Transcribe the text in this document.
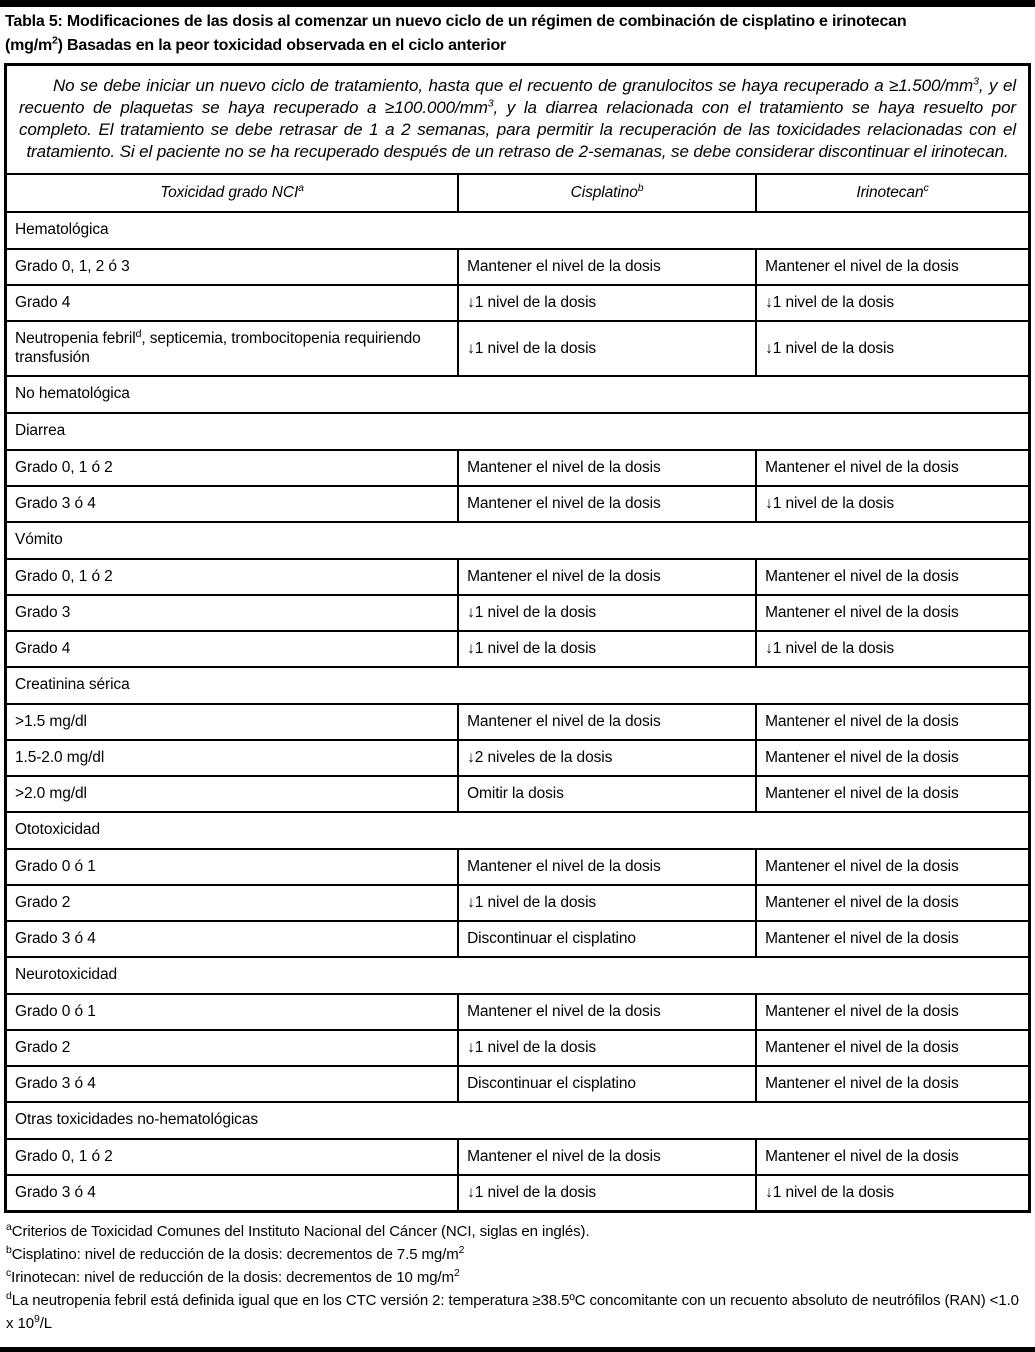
Tabla 5: Modificaciones de las dosis al comenzar un nuevo ciclo de un régimen de combinación de cisplatino e irinotecan
$(mg/m^2)$ Basadas en la peor toxicidad observada en el ciclo anterior
No se debe iniciar un nuevo ciclo de tratamiento, hasta que el recuento de granulocitos se haya recuperado $a \ge 1.500/mm^3$, y el recuento de plaquetas se haya recuperado $a \ge 100.000/mm^3$, y la diarrea relacionada con el tratamiento se haya resuelto por completo. El tratamiento se debe retrasar de 1 a 2 semanas, para permitir la recuperación de las toxicidades relacionadas con el tratamiento. Si el paciente no se ha recuperado después de un retraso de 2-semanas, se debe considerar discontinuar el irinotecan.		
Toxicidad grado NCI$^a$	Cisplatino$^b$	Irinotecan$^c$
Hematológica		
Grado 0, 1, 2 ó 3	Mantener el nivel de la dosis	Mantener el nivel de la dosis
Grado 4	↓1 nivel de la dosis	↓1 nivel de la dosis
Neutropenia febril$^d$, septicemia, trombocitopenia requiriendo transfusión	↓1 nivel de la dosis	↓1 nivel de la dosis
No hematológica		
Diarrea		
Grado 0, 1 ó 2	Mantener el nivel de la dosis	Mantener el nivel de la dosis
Grado 3 ó 4	Mantener el nivel de la dosis	↓1 nivel de la dosis
Vómito		
Grado 0, 1 ó 2	Mantener el nivel de la dosis	Mantener el nivel de la dosis
Grado 3	↓1 nivel de la dosis	Mantener el nivel de la dosis
Grado 4	↓1 nivel de la dosis	↓1 nivel de la dosis
Creatinina sérica		
>1.5 mg/dl	Mantener el nivel de la dosis	Mantener el nivel de la dosis
1.5-2.0 mg/dl	↓2 niveles de la dosis	Mantener el nivel de la dosis
>2.0 mg/dl	Omitir la dosis	Mantener el nivel de la dosis
Ototoxicidad		
Grado 0 ó 1	Mantener el nivel de la dosis	Mantener el nivel de la dosis
Grado 2	↓1 nivel de la dosis	Mantener el nivel de la dosis
Grado 3 ó 4	Discontinuar el cisplatino	Mantener el nivel de la dosis
Neurotoxicidad		
Grado 0 ó 1	Mantener el nivel de la dosis	Mantener el nivel de la dosis
Grado 2	↓1 nivel de la dosis	Mantener el nivel de la dosis
Grado 3 ó 4	Discontinuar el cisplatino	Mantener el nivel de la dosis
Otras toxicidades no-hematológicas		
Grado 0, 1 ó 2	Mantener el nivel de la dosis	Mantener el nivel de la dosis
Grado 3 ó 4	↓1 nivel de la dosis	↓1 nivel de la dosis
$^a$Criterios de Toxicidad Comunes del Instituto Nacional del Cáncer (NCI, siglas en inglés).
$^b$Cisplatino: nivel de reducción de la dosis: decrementos de 7.5 $mg/m^2$
$^c$Irinotecan: nivel de reducción de la dosis: decrementos de 10 $mg/m^2$
$^d$La neutropenia febril está definida igual que en los CTC versión 2: temperatura ≥38.5ºC concomitante con un recuento absoluto de neutrófilos (RAN) <1.0 x $10^9/L$
